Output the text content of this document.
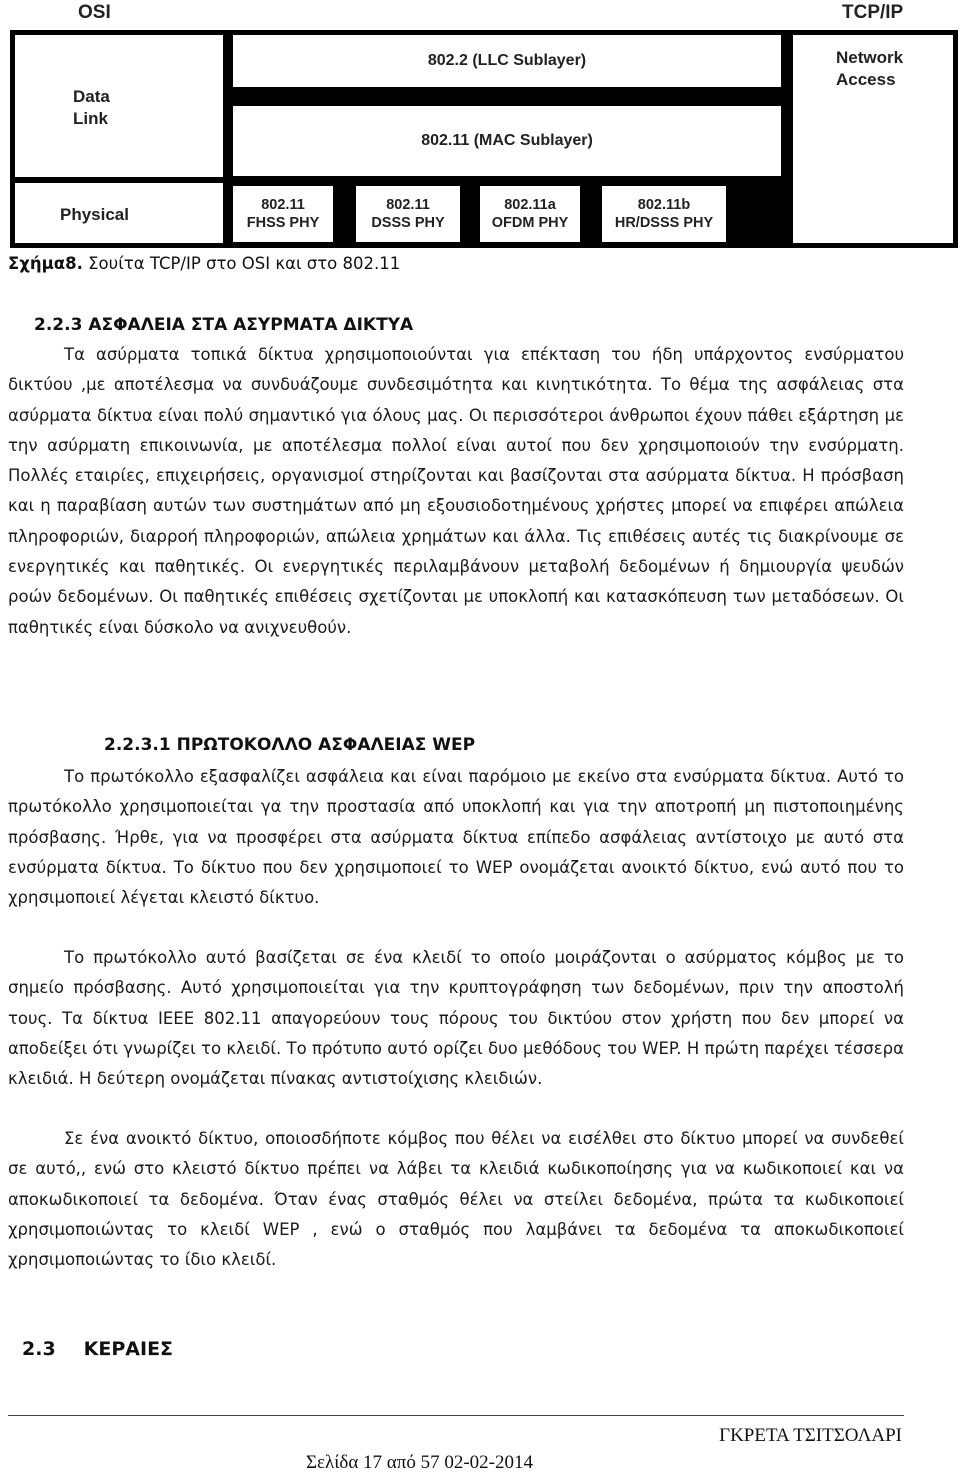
OSI	TCP/IP
Data
Link
Physical
802.2 (LLC Sublayer)
802.11 (MAC Sublayer)
802.11
FHSS PHY
802.11
DSSS PHY
802.11a
OFDM PHY
802.11b
HR/DSSS PHY
Network
Access
Σχήμα8. Σουίτα TCP/IP στο OSI και στο 802.11
2.2.3 ΑΣΦΑΛΕΙΑ ΣΤΑ ΑΣΥΡΜΑΤΑ ΔΙΚΤΥΑ
Τα ασύρματα τοπικά δίκτυα χρησιμοποιούνται για επέκταση του ήδη υπάρχοντος ενσύρματου δικτύου ,με αποτέλεσμα να συνδυάζουμε συνδεσιμότητα και κινητικότητα. Το θέμα της ασφάλειας στα ασύρματα δίκτυα είναι πολύ σημαντικό για όλους μας. Οι περισσότεροι άνθρωποι έχουν πάθει εξάρτηση με την ασύρματη επικοινωνία, με αποτέλεσμα πολλοί είναι αυτοί που δεν χρησιμοποιούν την ενσύρματη. Πολλές εταιρίες, επιχειρήσεις, οργανισμοί στηρίζονται και βασίζονται στα ασύρματα δίκτυα. Η πρόσβαση και η παραβίαση αυτών των συστημάτων από μη εξουσιοδοτημένους χρήστες μπορεί να επιφέρει απώλεια πληροφοριών, διαρροή πληροφοριών, απώλεια χρημάτων και άλλα. Τις επιθέσεις αυτές τις διακρίνουμε σε ενεργητικές και παθητικές. Οι ενεργητικές περιλαμβάνουν μεταβολή δεδομένων ή δημιουργία ψευδών ροών δεδομένων. Οι παθητικές επιθέσεις σχετίζονται με υποκλοπή και κατασκόπευση των μεταδόσεων. Οι παθητικές είναι δύσκολο να ανιχνευθούν.
2.2.3.1 ΠΡΩΤΟΚΟΛΛΟ ΑΣΦΑΛΕΙΑΣ WEP
Το πρωτόκολλο εξασφαλίζει ασφάλεια και είναι παρόμοιο με εκείνο στα ενσύρματα δίκτυα. Αυτό το πρωτόκολλο χρησιμοποιείται γα την προστασία από υποκλοπή και για την αποτροπή μη πιστοποιημένης πρόσβασης. Ήρθε, για να προσφέρει στα ασύρματα δίκτυα επίπεδο ασφάλειας αντίστοιχο με αυτό στα ενσύρματα δίκτυα. Το δίκτυο που δεν χρησιμοποιεί το WEP ονομάζεται ανοικτό δίκτυο, ενώ αυτό που το χρησιμοποιεί λέγεται κλειστό δίκτυο.
Το πρωτόκολλο αυτό βασίζεται σε ένα κλειδί το οποίο μοιράζονται ο ασύρματος κόμβος με το σημείο πρόσβασης. Αυτό χρησιμοποιείται για την κρυπτογράφηση των δεδομένων, πριν την αποστολή τους. Τα δίκτυα IEEE 802.11 απαγορεύουν τους πόρους του δικτύου στον χρήστη που δεν μπορεί να αποδείξει ότι γνωρίζει το κλειδί. Το πρότυπο αυτό ορίζει δυο μεθόδους του WEP. Η πρώτη παρέχει τέσσερα κλειδιά. Η δεύτερη ονομάζεται πίνακας αντιστοίχισης κλειδιών.
Σε ένα ανοικτό δίκτυο, οποιοσδήποτε κόμβος που θέλει να εισέλθει στο δίκτυο μπορεί να συνδεθεί σε αυτό,, ενώ στο κλειστό δίκτυο πρέπει να λάβει τα κλειδιά κωδικοποίησης για να κωδικοποιεί και να αποκωδικοποιεί τα δεδομένα. Όταν ένας σταθμός θέλει να στείλει δεδομένα, πρώτα τα κωδικοποιεί χρησιμοποιώντας το κλειδί WEP , ενώ ο σταθμός που λαμβάνει τα δεδομένα τα αποκωδικοποιεί χρησιμοποιώντας το ίδιο κλειδί.
2.3 ΚΕΡΑΙΕΣ
ΓΚΡΕΤΑ ΤΣΙΤΣΟΛΑΡΙ
Σελίδα 17 από 57 02-02-2014
